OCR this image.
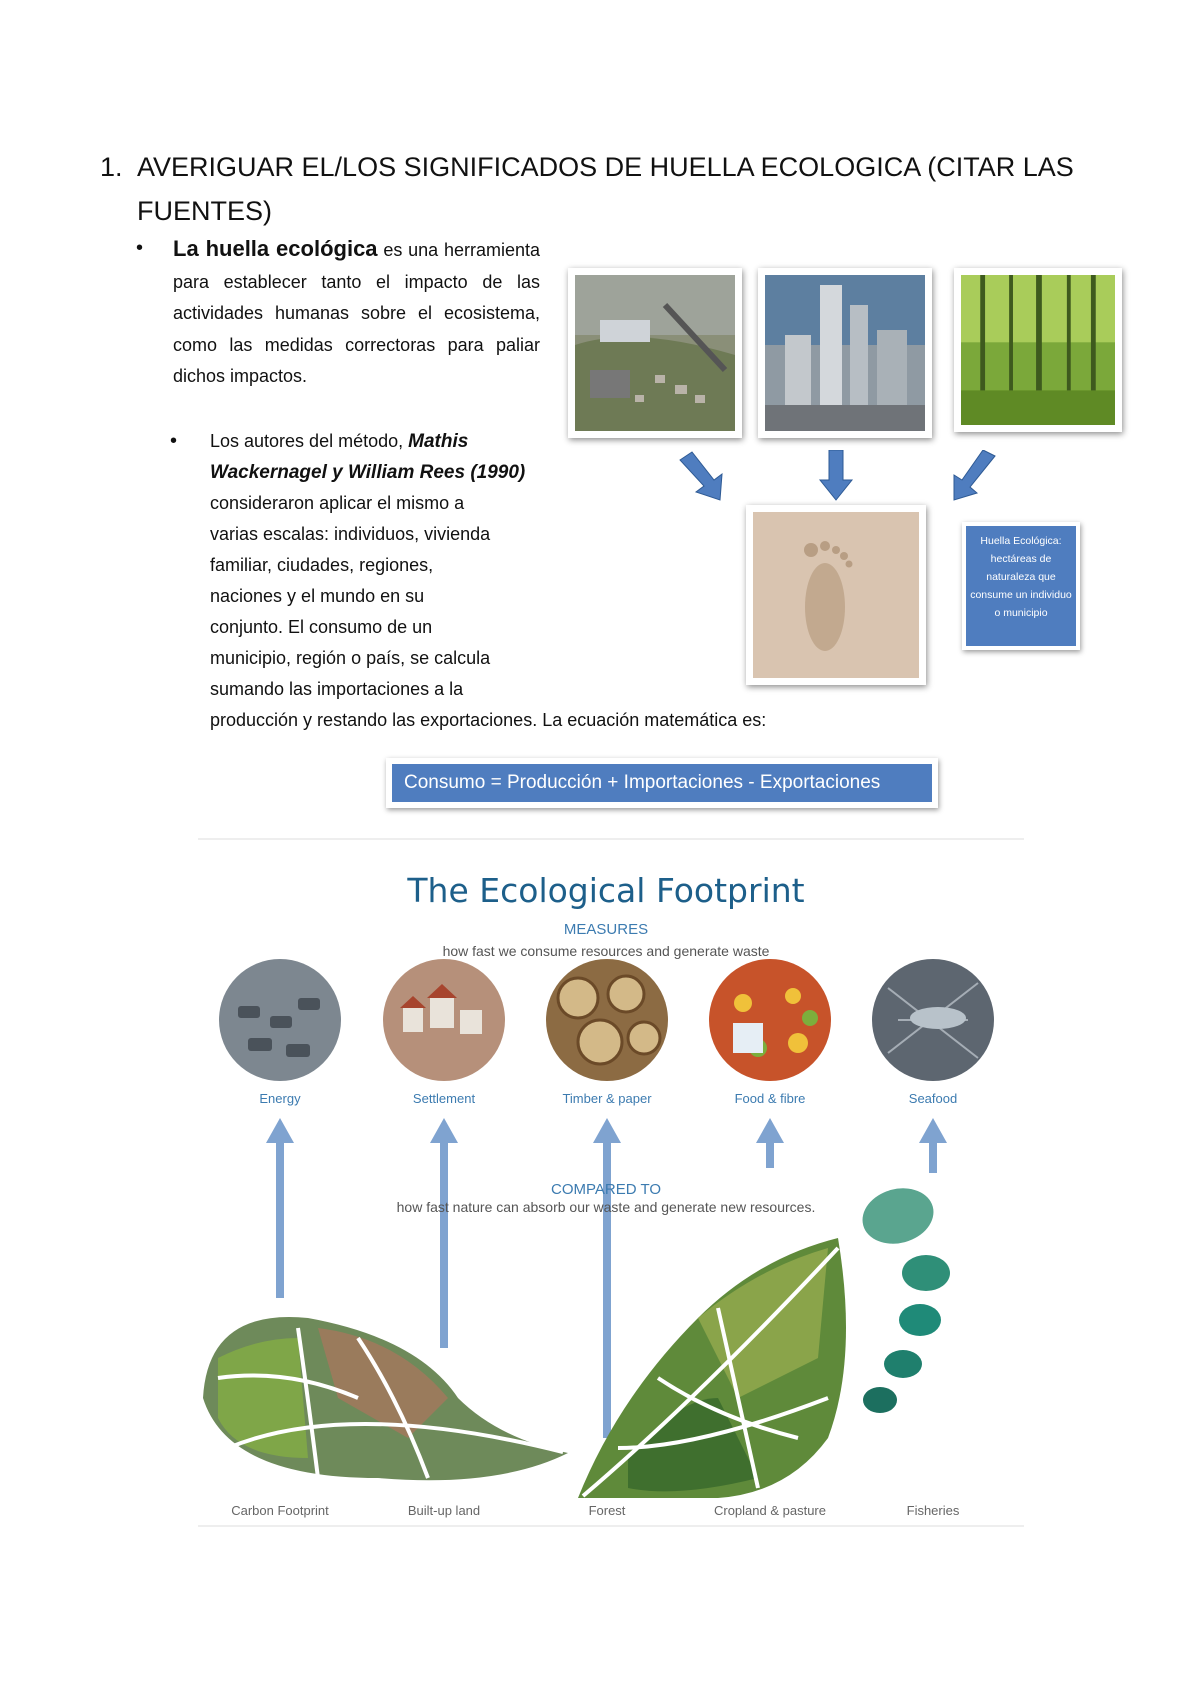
1. AVERIGUAR EL/LOS SIGNIFICADOS DE HUELLA ECOLOGICA (CITAR LAS FUENTES)
• La huella ecológica es una herramienta para establecer tanto el impacto de las actividades humanas sobre el ecosistema, como las medidas correctoras para paliar dichos impactos.
• Los autores del método, Mathis
Wackernagel y William Rees (1990)
consideraron aplicar el mismo a
varias escalas: individuos, vivienda
familiar, ciudades, regiones,
naciones y el mundo en su
conjunto. El consumo de un
municipio, región o país, se calcula
sumando las importaciones a la
producción y restando las exportaciones. La ecuación matemática es:
Huella Ecológica: hectáreas de naturaleza que consume un individuo o municipio
Consumo = Producción + Importaciones - Exportaciones
The Ecological Footprint
MEASURES
how fast we consume resources and generate waste
Energy	Settlement	Timber & paper	Food & fibre	Seafood
COMPARED TO
how fast nature can absorb our waste and generate new resources.
Carbon Footprint	Built-up land	Forest	Cropland & pasture	Fisheries
